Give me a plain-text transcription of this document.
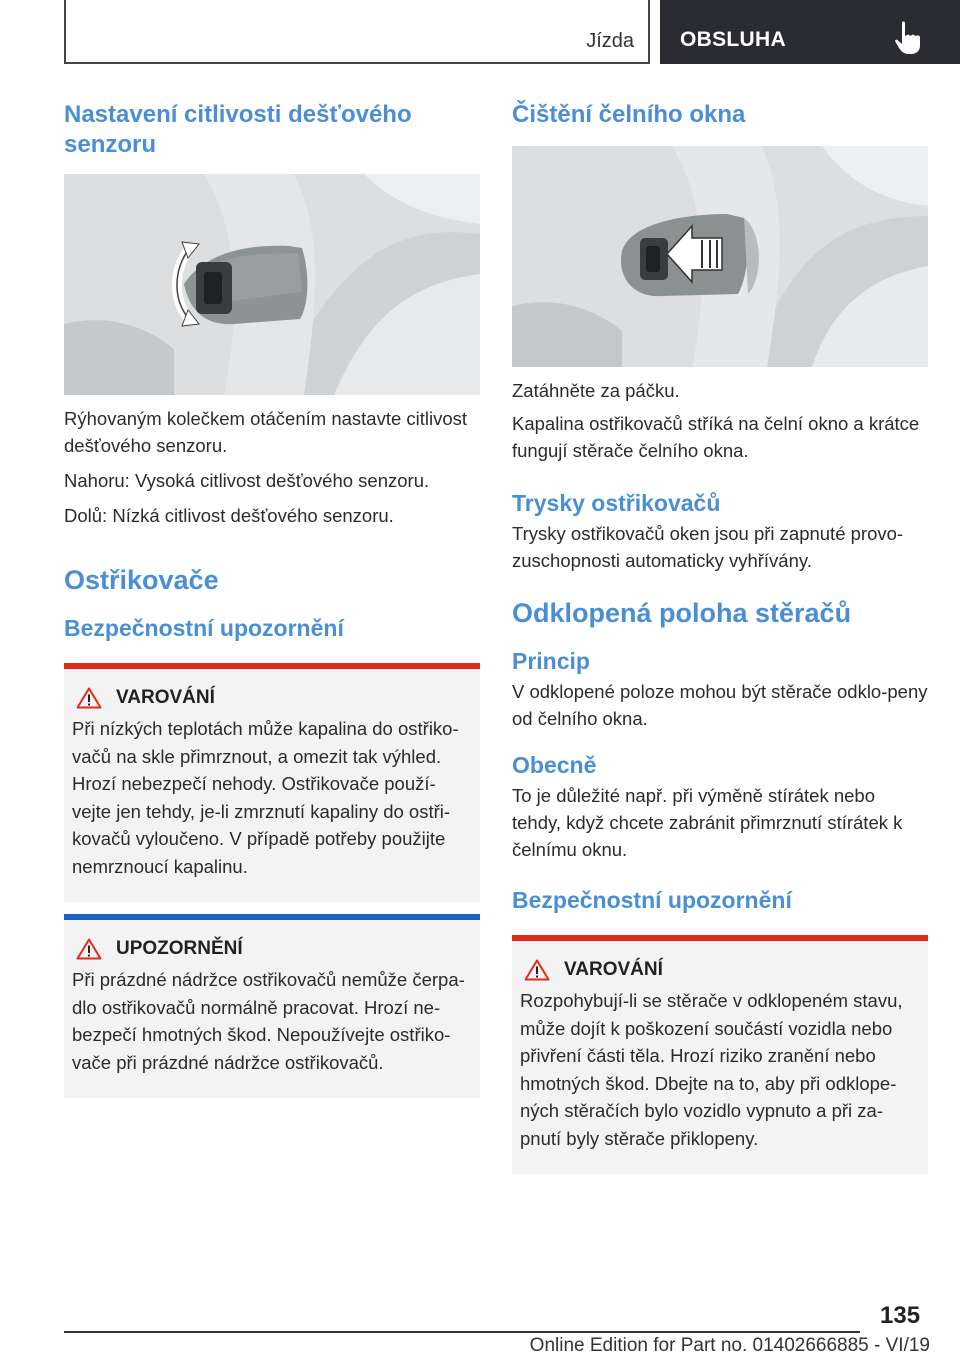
Jízda OBSLUHA
Nastavení citlivosti dešťového senzoru

Rýhovaným kolečkem otáčením nastavte citlivost dešťového senzoru.

Nahoru: Vysoká citlivost dešťového senzoru.

Dolů: Nízká citlivost dešťového senzoru.

Ostřikovače
Bezpečnostní upozornění
VAROVÁNÍ

Při nízkých teplotách může kapalina do ostřiko-vačů na skle přimrznout, a omezit tak výhled. Hrozí nebezpečí nehody. Ostřikovače použí-vejte jen tehdy, je-li zmrznutí kapaliny do ostři-kovačů vyloučeno. V případě potřeby použijte nemrznoucí kapalinu.

UPOZORNĚNÍ

Při prázdné nádržce ostřikovačů nemůže čerpa-dlo ostřikovačů normálně pracovat. Hrozí ne-bezpečí hmotných škod. Nepoužívejte ostřiko-vače při prázdné nádržce ostřikovačů.

Čištění čelního okna

Zatáhněte za páčku.

Kapalina ostřikovačů stříká na čelní okno a krátce fungují stěrače čelního okna.

Trysky ostřikovačů

Trysky ostřikovačů oken jsou při zapnuté provo-zuschopnosti automaticky vyhřívány.

Odklopená poloha stěračů
Princip

V odklopené poloze mohou být stěrače odklo-peny od čelního okna.

Obecně

To je důležité např. při výměně stírátek nebo tehdy, když chcete zabránit přimrznutí stírátek k čelnímu oknu.

Bezpečnostní upozornění
VAROVÁNÍ

Rozpohybují-li se stěrače v odklopeném stavu, může dojít k poškození součástí vozidla nebo přivření části těla. Hrozí riziko zranění nebo hmotných škod. Dbejte na to, aby při odklope-ných stěračích bylo vozidlo vypnuto a při za-pnutí byly stěrače přiklopeny.

135
Online Edition for Part no. 01402666885 - VI/19
